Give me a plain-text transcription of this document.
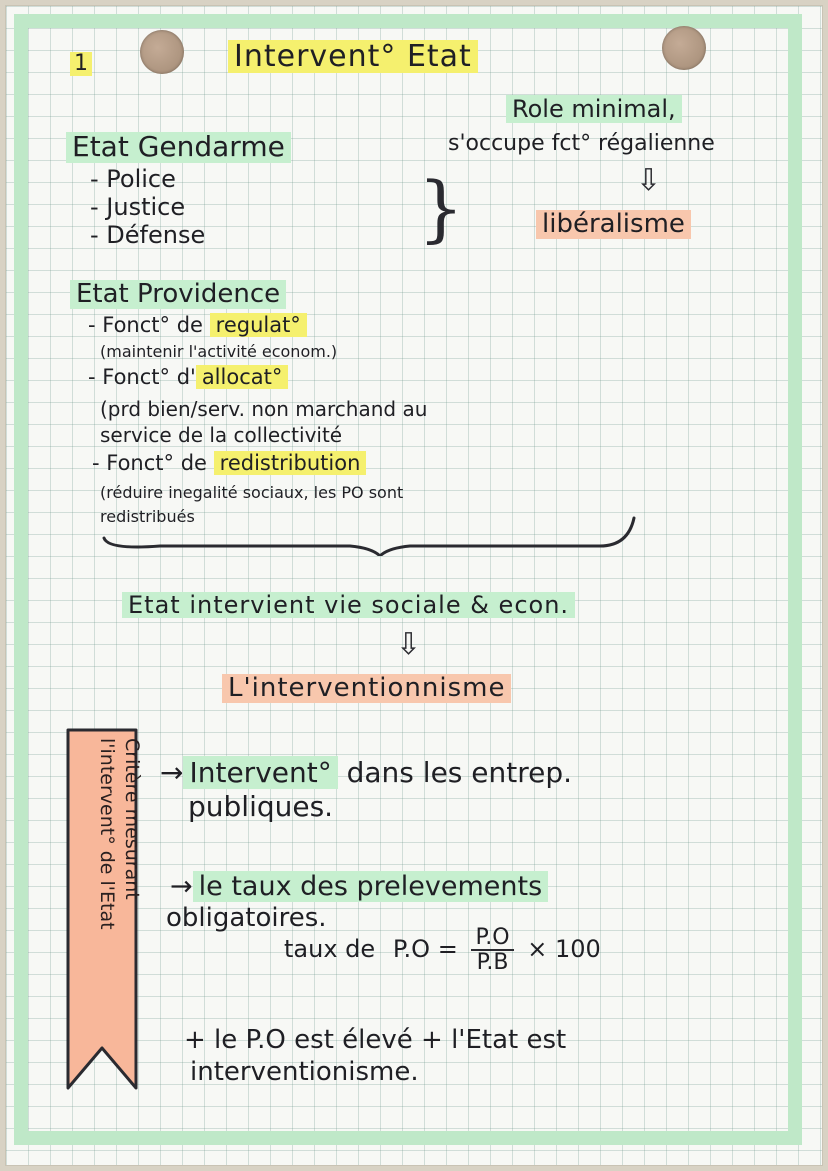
1	Intervent° Etat
Role minimal,
Etat Gendarme	s'occupe fct° régalienne
- Police
- Justice
- Défense	}	⇩
libéralisme
Etat Providence
- Fonct° de regulat°
(maintenir l'activité econom.)
- Fonct° d' allocat°
(prd bien/serv. non marchand au
service de la collectivité
- Fonct° de redistribution
(réduire inegalité sociaux, les PO sont
redistribués
Etat intervient vie sociale & econ.
⇩
L'interventionnisme
Critère mesurant
l'intervent° de l'Etat	→ Intervent° dans les entrep.
publiques.
→ le taux des prelevements
obligatoires.
taux de $P.O = \frac{P.O}{P.B} \times 100$
+ le P.O est élevé + l'Etat est
interventionisme.
